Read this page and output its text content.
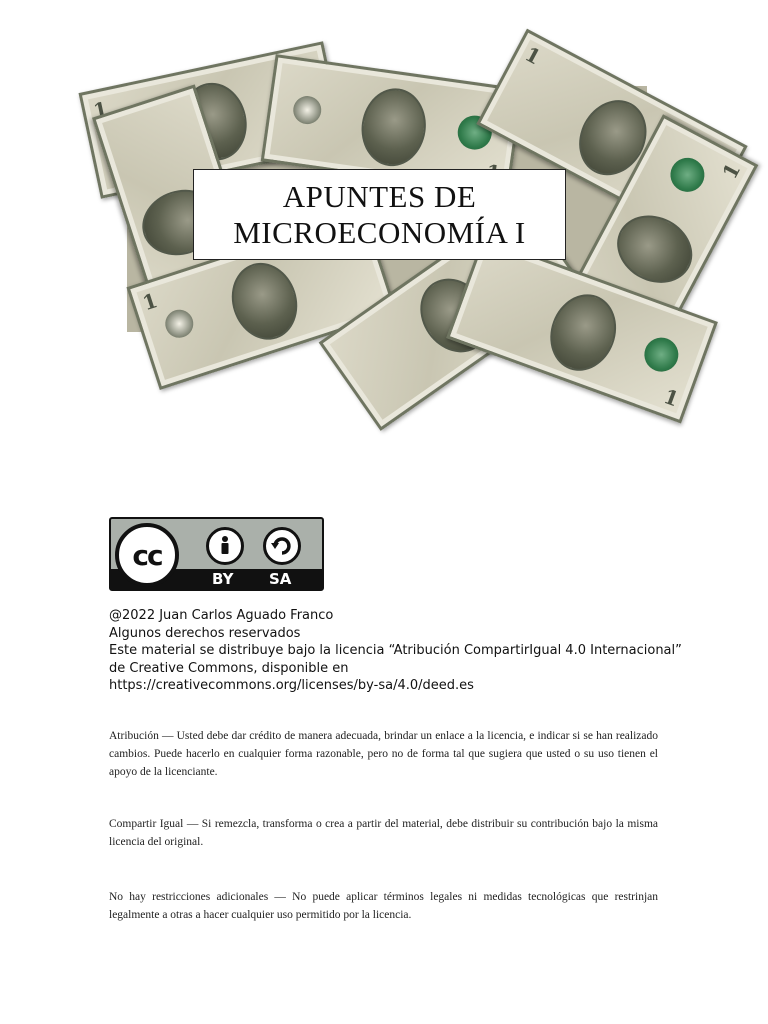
1
1
1
1
1
APUNTES DE
MICROECONOMÍA I
cc
BY SA
@2022 Juan Carlos Aguado Franco
Algunos derechos reservados
Este material se distribuye bajo la licencia “Atribución CompartirIgual 4.0 Internacional”
de Creative Commons, disponible en
https://creativecommons.org/licenses/by-sa/4.0/deed.es
Atribución — Usted debe dar crédito de manera adecuada, brindar un enlace a la licencia, e indicar si se han realizado cambios. Puede hacerlo en cualquier forma razonable, pero no de forma tal que sugiera que usted o su uso tienen el apoyo de la licenciante.
Compartir Igual — Si remezcla, transforma o crea a partir del material, debe distribuir su contribución bajo la misma licencia del original.
No hay restricciones adicionales — No puede aplicar términos legales ni medidas tecnológicas que restrinjan legalmente a otras a hacer cualquier uso permitido por la licencia.
